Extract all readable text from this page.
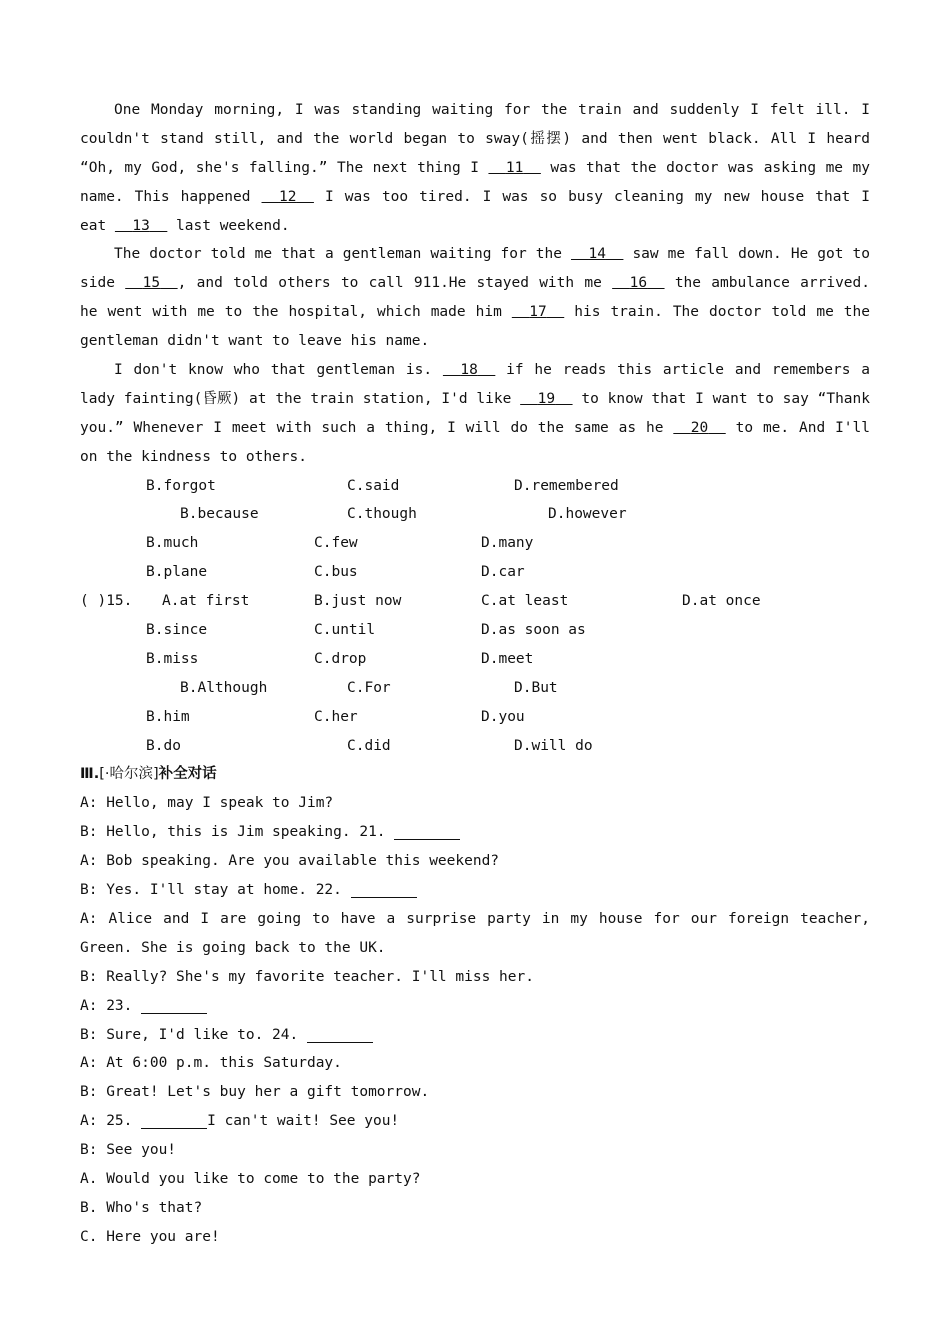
One Monday morning, I was standing waiting for the train and suddenly I felt ill. I
couldn't stand still, and the world began to sway(摇摆) and then went black. All I heard
“Oh, my God, she's falling.” The next thing I   11   was that the doctor was asking me my
name. This happened   12   I was too tired. I was so busy cleaning my new house that I
eat   13   last weekend.
The doctor told me that a gentleman waiting for the   14   saw me fall down. He got to
side   15 , and told others to call 911.He stayed with me   16   the ambulance arrived.
he went with me to the hospital, which made him   17   his train. The doctor told me the
gentleman didn't want to leave his name.
I don't know who that gentleman is.   18   if he reads this article and remembers a
lady fainting(昏厥) at the train station, I'd like   19   to know that I want to say “Thank
you.” Whenever I meet with such a thing, I will do the same as he   20   to me. And I'll
on the kindness to others.
B.forgot	C.said	D.remembered
B.because	C.though	D.however
B.much	C.few	D.many
B.plane	C.bus	D.car
( )15. A.at first	B.just now	C.at least	D.at once
B.since	C.until	D.as soon as
B.miss	C.drop	D.meet
B.Although	C.For	D.But
B.him	C.her	D.you
B.do	C.did	D.will do
Ⅲ.[·哈尔滨]补全对话
A: Hello, may I speak to Jim?
B: Hello, this is Jim speaking. 21.
A: Bob speaking. Are you available this weekend?
B: Yes. I'll stay at home. 22.
A: Alice and I are going to have a surprise party in my house for our foreign teacher,
Green. She is going back to the UK.
B: Really? She's my favorite teacher. I'll miss her.
A: 23.
B: Sure, I'd like to. 24.
A: At 6:00 p.m. this Saturday.
B: Great! Let's buy her a gift tomorrow.
A: 25.	I can't wait! See you!
B: See you!
A. Would you like to come to the party?
B. Who's that?
C. Here you are!
